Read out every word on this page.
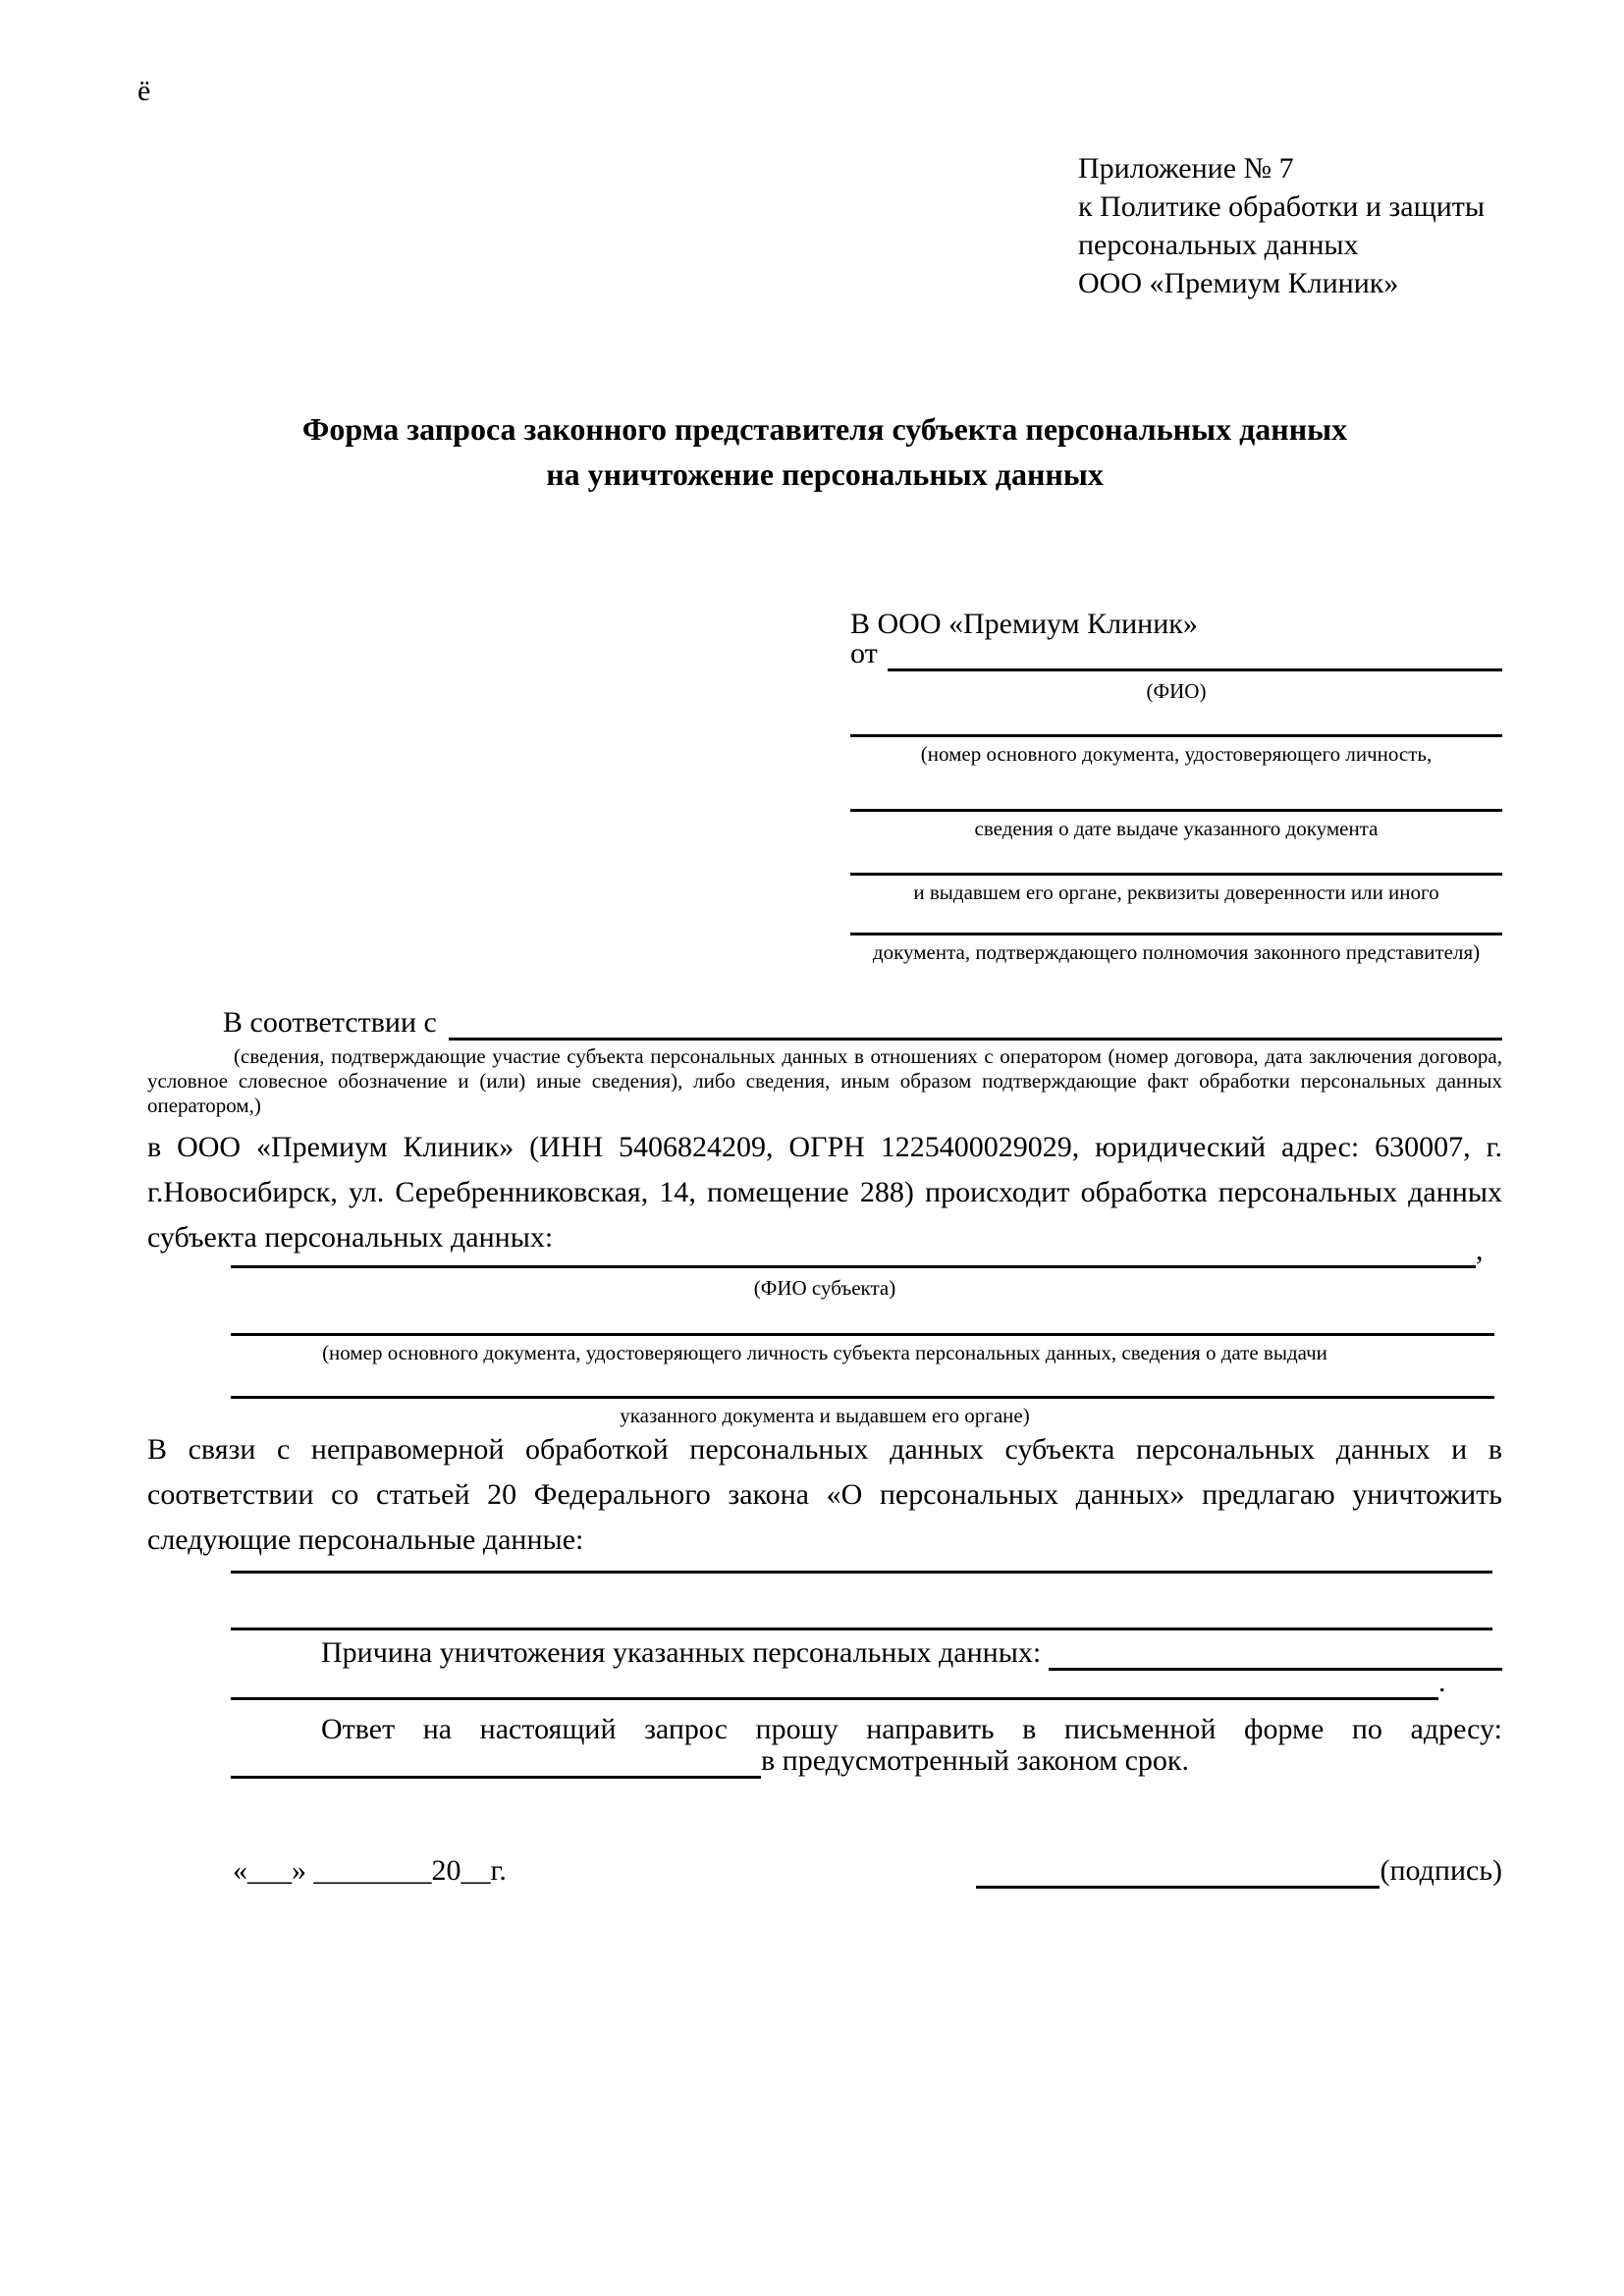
ё
Приложение № 7
к Политике обработки и защиты
персональных данных
ООО «Премиум Клиник»
Форма запроса законного представителя субъекта персональных данных
на уничтожение персональных данных
В ООО «Премиум Клиник»
от
(ФИО)
(номер основного документа, удостоверяющего личность,
сведения о дате выдаче указанного документа
и выдавшем его органе, реквизиты доверенности или иного
документа, подтверждающего полномочия законного представителя)
В соответствии с
(сведения, подтверждающие участие субъекта персональных данных в отношениях с оператором (номер договора, дата заключения договора, условное словесное обозначение и (или) иные сведения), либо сведения, иным образом подтверждающие факт обработки персональных данных оператором,)
в ООО «Премиум Клиник» (ИНН 5406824209, ОГРН 1225400029029, юридический адрес: 630007, г. г.Новосибирск, ул. Серебренниковская, 14, помещение 288) происходит обработка персональных данных субъекта персональных данных:	,
(ФИО субъекта)
(номер основного документа, удостоверяющего личность субъекта персональных данных, сведения о дате выдачи
указанного документа и выдавшем его органе)
В связи с неправомерной обработкой персональных данных субъекта персональных данных и в соответствии со статьей 20 Федерального закона «О персональных данных» предлагаю уничтожить следующие персональные данные:
Причина уничтожения указанных персональных данных:
.
Ответ на настоящий запрос прошу направить в письменной форме по адресу:
в предусмотренный законом срок.
«___» ________20__г.	(подпись)
